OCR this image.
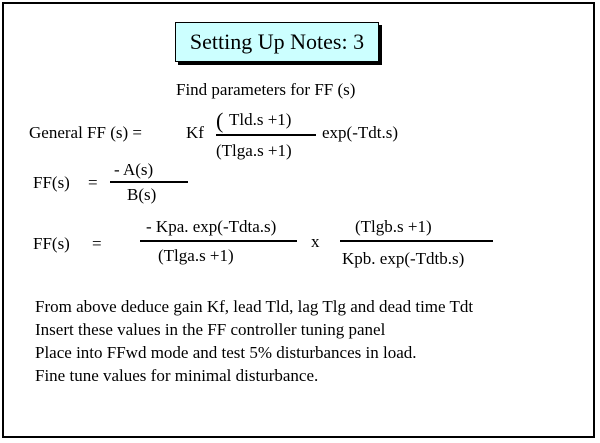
Setting Up Notes: 3
Find parameters for FF (s)
General FF (s) =	Kf ( Tld.s +1)
(Tlga.s +1)
exp(-Tdt.s)
FF(s) =
- A(s)
B(s)
FF(s) =
- Kpa. exp(-Tdta.s)
(Tlga.s +1)
x
(Tlgb.s +1)
Kpb. exp(-Tdtb.s)
From above deduce gain Kf, lead Tld, lag Tlg and dead time Tdt
Insert these values in the FF controller tuning panel
Place into FFwd mode and test 5% disturbances in load.
Fine tune values for minimal disturbance.
